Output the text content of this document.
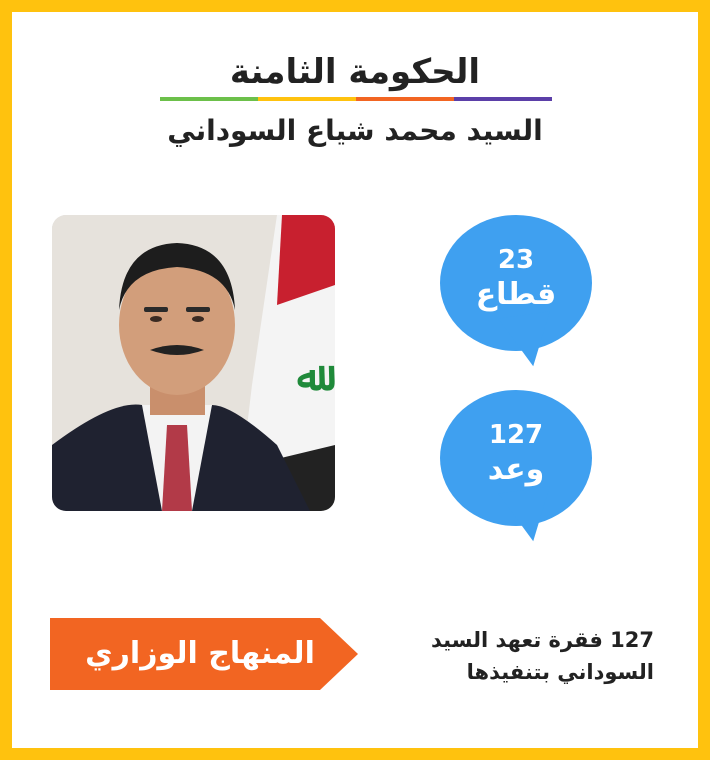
الحكومة الثامنة
السيد محمد شياع السوداني
ﷲ
23
قطاع
127
وعد
المنهاج الوزاري	127 فقرة تعهد السيد السوداني بتنفيذها
